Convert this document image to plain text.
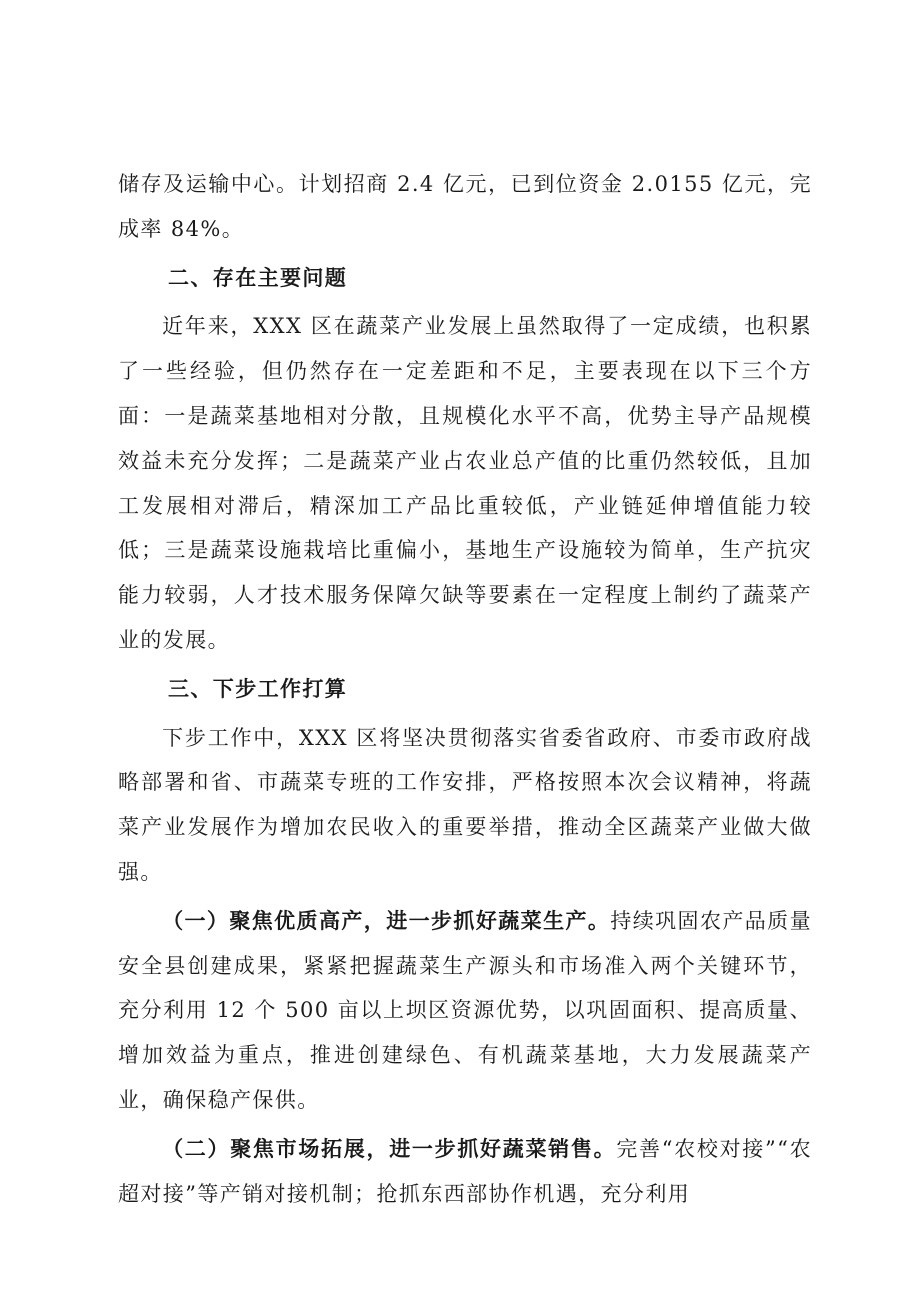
储存及运输中心。计划招商 2.4 亿元，已到位资金 2.0155 亿元，完成率 84%。

二、存在主要问题

近年来，XXX 区在蔬菜产业发展上虽然取得了一定成绩，也积累了一些经验，但仍然存在一定差距和不足，主要表现在以下三个方面：一是蔬菜基地相对分散，且规模化水平不高，优势主导产品规模效益未充分发挥；二是蔬菜产业占农业总产值的比重仍然较低，且加工发展相对滞后，精深加工产品比重较低，产业链延伸增值能力较低；三是蔬菜设施栽培比重偏小，基地生产设施较为简单，生产抗灾能力较弱，人才技术服务保障欠缺等要素在一定程度上制约了蔬菜产业的发展。

三、下步工作打算

下步工作中，XXX 区将坚决贯彻落实省委省政府、市委市政府战略部署和省、市蔬菜专班的工作安排，严格按照本次会议精神，将蔬菜产业发展作为增加农民收入的重要举措，推动全区蔬菜产业做大做强。

（一）聚焦优质高产，进一步抓好蔬菜生产。持续巩固农产品质量安全县创建成果，紧紧把握蔬菜生产源头和市场准入两个关键环节，充分利用 12 个 500 亩以上坝区资源优势，以巩固面积、提高质量、增加效益为重点，推进创建绿色、有机蔬菜基地，大力发展蔬菜产业，确保稳产保供。

（二）聚焦市场拓展，进一步抓好蔬菜销售。完善“农校对接”“农超对接”等产销对接机制；抢抓东西部协作机遇，充分利用
